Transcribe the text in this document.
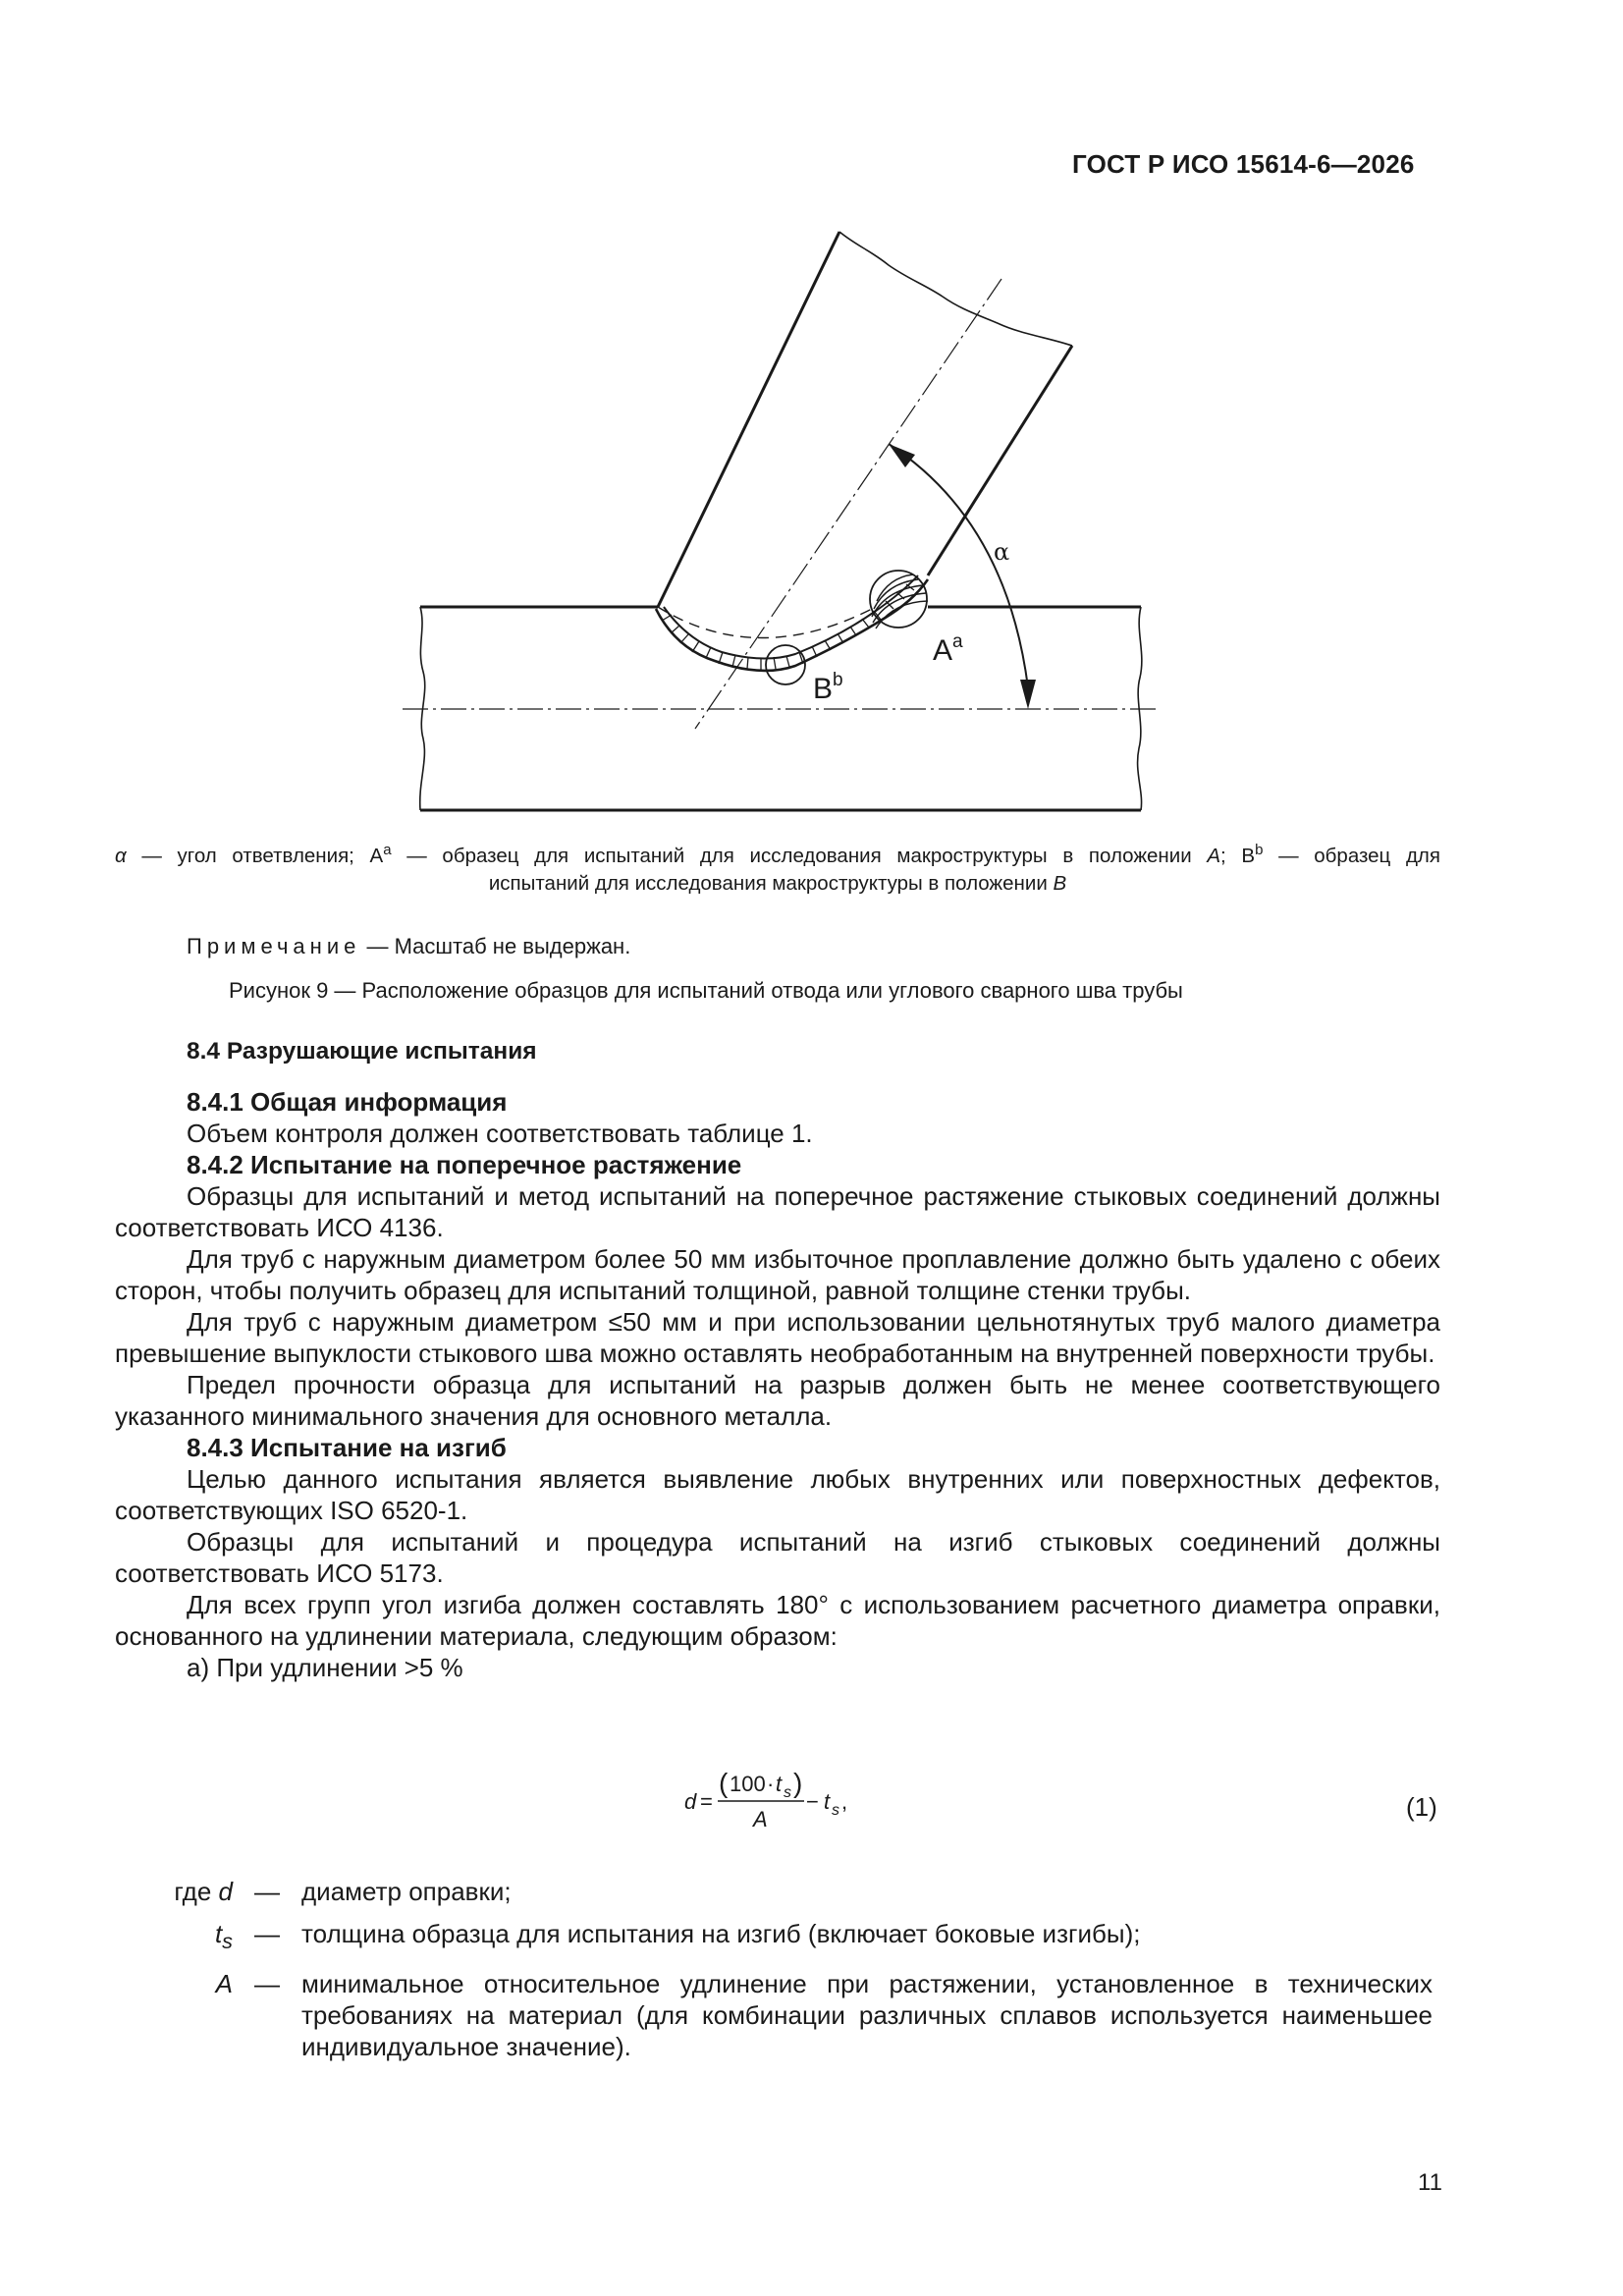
ГОСТ Р ИСО 15614-6—2026
α
$A^a$
$B^b$
α — угол ответвления; $A^a$ — образец для испытаний для исследования макроструктуры в положении A; $B^b$ — образец для
испытаний для исследования макроструктуры в положении B
Примечание — Масштаб не выдержан.
Рисунок 9 — Расположение образцов для испытаний отвода или углового сварного шва трубы
8.4 Разрушающие испытания

8.4.1 Общая информация

Объем контроля должен соответствовать таблице 1.

8.4.2 Испытание на поперечное растяжение

Образцы для испытаний и метод испытаний на поперечное растяжение стыковых соединений должны соответствовать ИСО 4136.

Для труб с наружным диаметром более 50 мм избыточное проплавление должно быть удалено с обеих сторон, чтобы получить образец для испытаний толщиной, равной толщине стенки трубы.

Для труб с наружным диаметром ≤50 мм и при использовании цельнотянутых труб малого диаметра превышение выпуклости стыкового шва можно оставлять необработанным на внутренней поверхности трубы.

Предел прочности образца для испытаний на разрыв должен быть не менее соответствующего указанного минимального значения для основного металла.

8.4.3 Испытание на изгиб

Целью данного испытания является выявление любых внутренних или поверхностных дефектов, соответствующих ISO 6520-1.

Образцы для испытаний и процедура испытаний на изгиб стыковых соединений должны соответствовать ИСО 5173.

Для всех групп угол изгиба должен составлять 180° с использованием расчетного диаметра оправки, основанного на удлинении материала, следующим образом:

а) При удлинении >5 %

d =
( 100 · t s )
A
− t s ,	(1)
где d — диаметр оправки;
$t_s$ — толщина образца для испытания на изгиб (включает боковые изгибы);
A — минимальное относительное удлинение при растяжении, установленное в технических требованиях на материал (для комбинации различных сплавов используется наименьшее индивидуальное значение).
11
